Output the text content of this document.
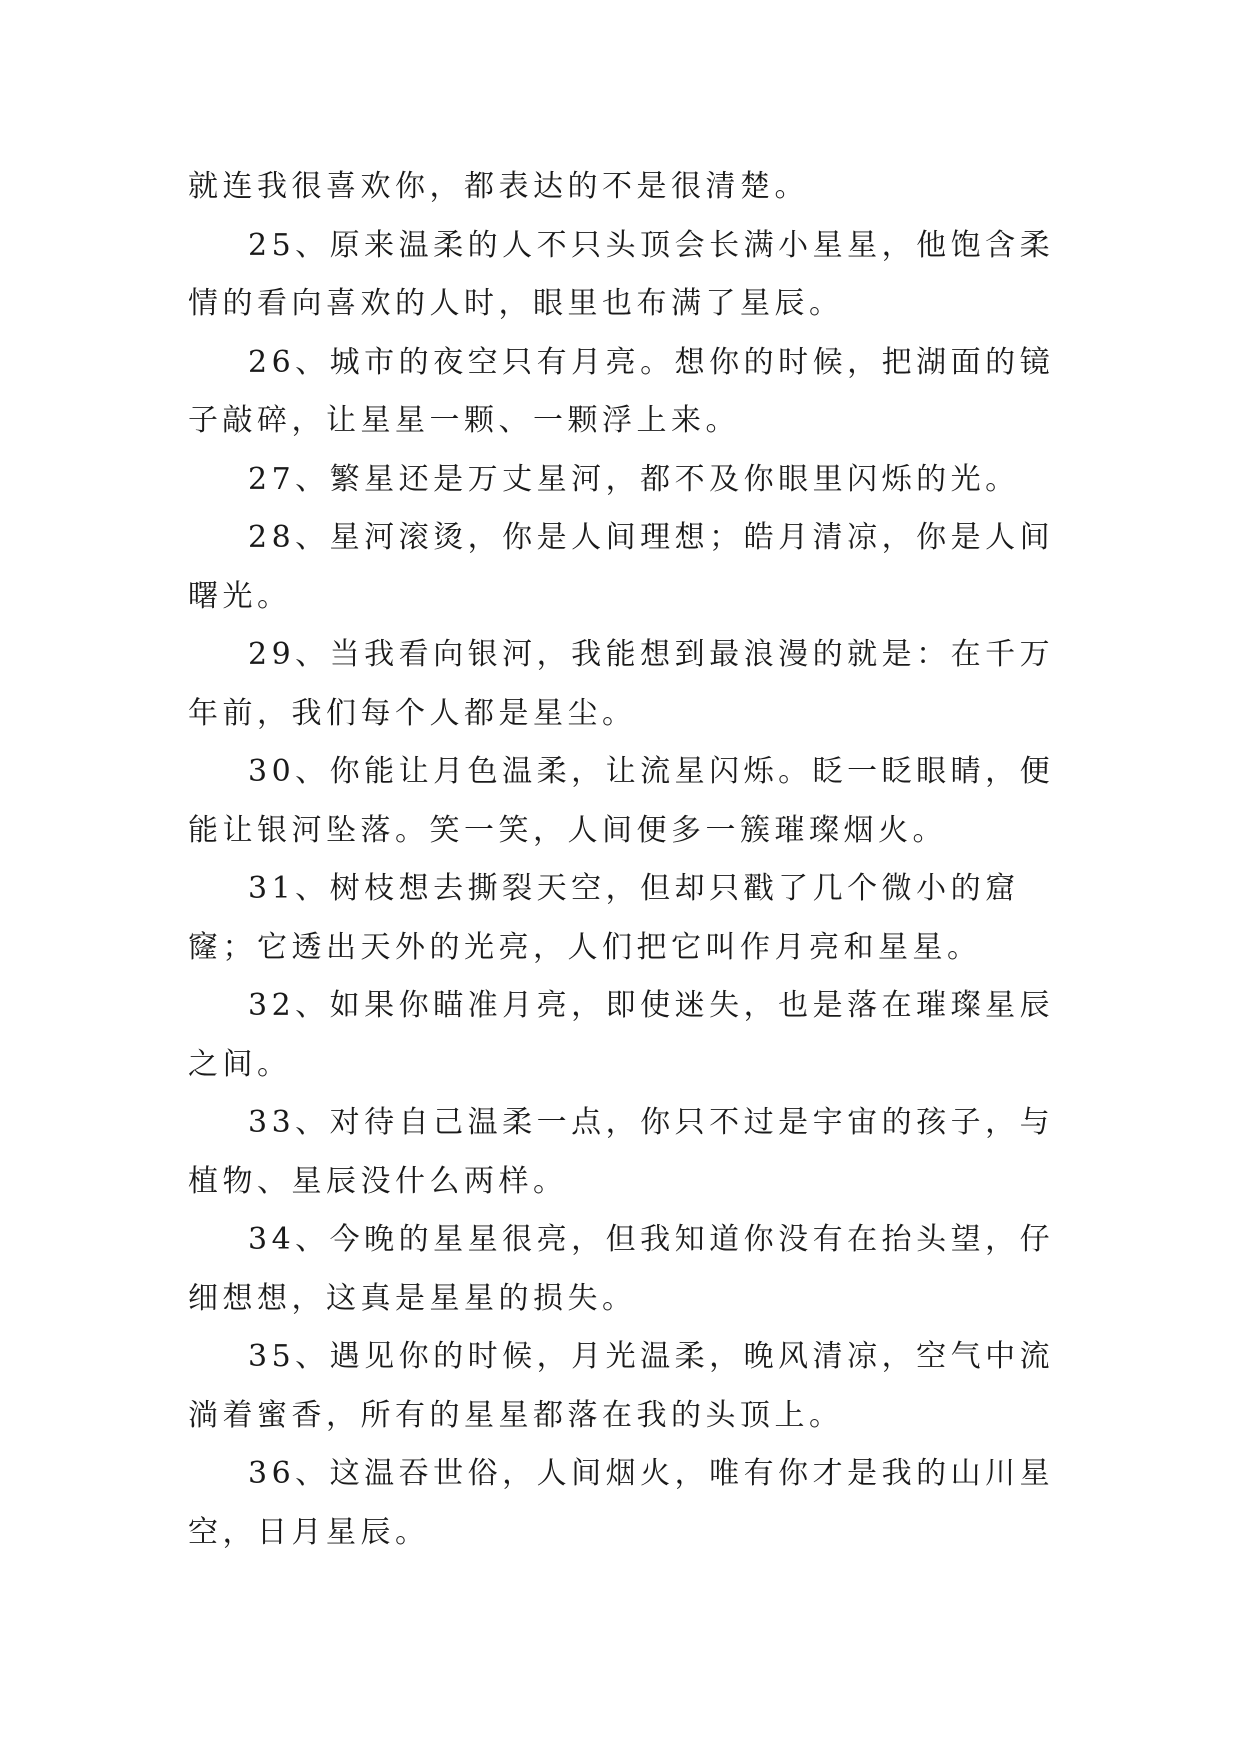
就连我很喜欢你，都表达的不是很清楚。

25、原来温柔的人不只头顶会长满小星星，他饱含柔情的看向喜欢的人时，眼里也布满了星辰。

26、城市的夜空只有月亮。想你的时候，把湖面的镜子敲碎，让星星一颗、一颗浮上来。

27、繁星还是万丈星河，都不及你眼里闪烁的光。

28、星河滚烫，你是人间理想；皓月清凉，你是人间曙光。

29、当我看向银河，我能想到最浪漫的就是：在千万年前，我们每个人都是星尘。

30、你能让月色温柔，让流星闪烁。眨一眨眼睛，便能让银河坠落。笑一笑，人间便多一簇璀璨烟火。

31、树枝想去撕裂天空，但却只戳了几个微小的窟窿；它透出天外的光亮，人们把它叫作月亮和星星。

32、如果你瞄准月亮，即使迷失，也是落在璀璨星辰之间。

33、对待自己温柔一点，你只不过是宇宙的孩子，与植物、星辰没什么两样。

34、今晚的星星很亮，但我知道你没有在抬头望，仔细想想，这真是星星的损失。

35、遇见你的时候，月光温柔，晚风清凉，空气中流淌着蜜香，所有的星星都落在我的头顶上。

36、这温吞世俗，人间烟火，唯有你才是我的山川星空，日月星辰。
